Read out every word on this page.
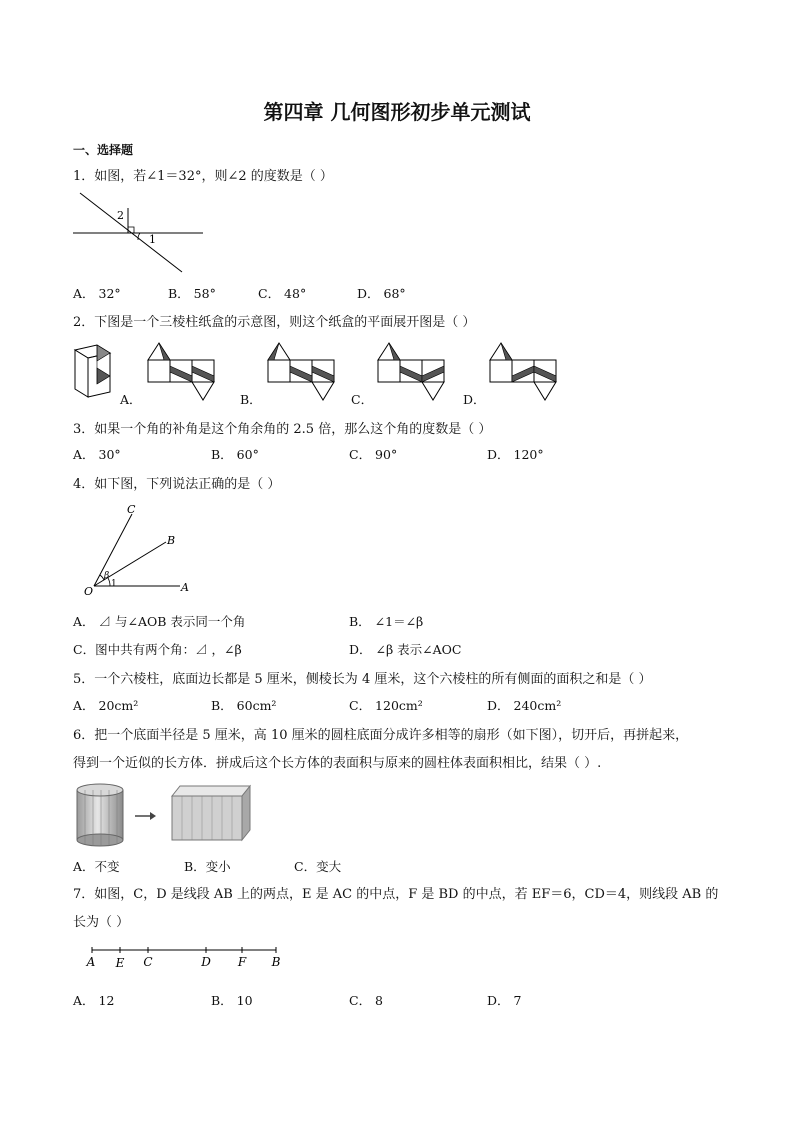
第四章 几何图形初步单元测试
一、选择题
1．如图，若∠1＝32°，则∠2 的度数是（ ）
2
1
A． 32°	B． 58°	C． 48°	D． 68°
2．下图是一个三棱柱纸盒的示意图，则这个纸盒的平面展开图是（ ）
A．	B．	C．	D．
3．如果一个角的补角是这个角余角的 2.5 倍，那么这个角的度数是（ ）
A． 30°	B． 60°	C． 90°	D． 120°
4．如下图，下列说法正确的是（ ）
C
B
A
O
β
1
A． ⊿ 与∠AOB 表示同一个角	B． ∠1＝∠β
C．图中共有两个角：⊿ ，∠β	D． ∠β 表示∠AOC
5．一个六棱柱，底面边长都是 5 厘米，侧棱长为 4 厘米，这个六棱柱的所有侧面的面积之和是（ ）
A． 20cm²	B． 60cm²	C． 120cm²	D． 240cm²
6．把一个底面半径是 5 厘米，高 10 厘米的圆柱底面分成许多相等的扇形（如下图），切开后，再拼起来，
得到一个近似的长方体．拼成后这个长方体的表面积与原来的圆柱体表面积相比，结果（ ）.
A．不变	B．变小	C．变大
7．如图，C，D 是线段 AB 上的两点，E 是 AC 的中点，F 是 BD 的中点，若 EF＝6，CD＝4，则线段 AB 的
长为（ ）
A E C	D F B
A． 12	B． 10	C． 8	D． 7
